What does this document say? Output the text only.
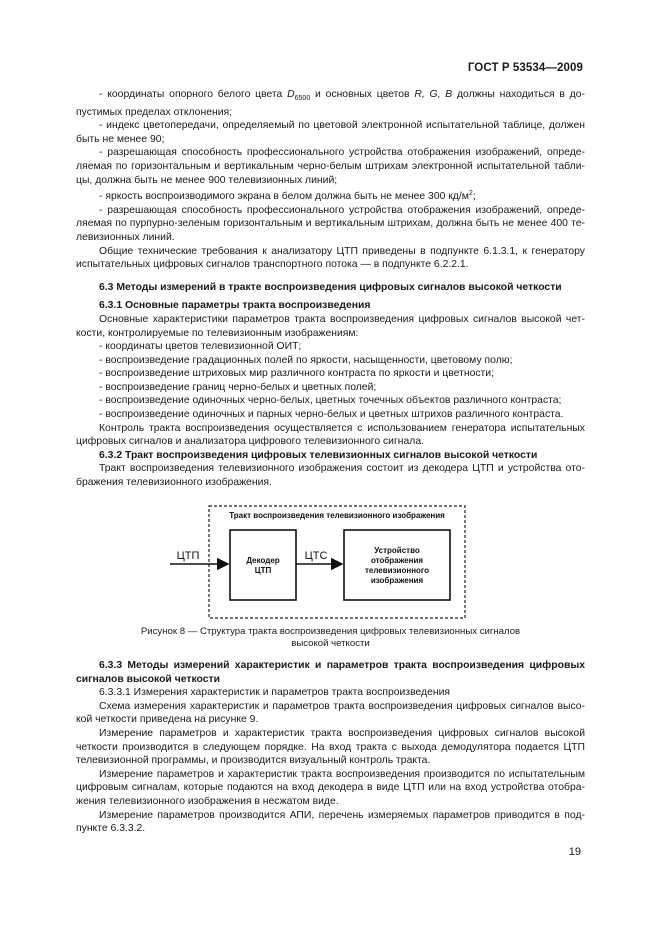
ГОСТ Р 53534—2009

- координаты опорного белого цвета $D_{6500}$ и основных цветов R, G, B должны находиться в до-пустимых пределах отклонения;

- индекс цветопередачи, определяемый по цветовой электронной испытательной таблице, должен быть не менее 90;

- разрешающая способность профессионального устройства отображения изображений, опреде-ляемая по горизонтальным и вертикальным черно-белым штрихам электронной испытательной табли-цы, должна быть не менее 900 телевизионных линий;

- яркость воспроизводимого экрана в белом должна быть не менее 300 $кд/м^2$;

- разрешающая способность профессионального устройства отображения изображений, опреде-ляемая по пурпурно-зеленым горизонтальным и вертикальным штрихам, должна быть не менее 400 те-левизионных линий.

Общие технические требования к анализатору ЦТП приведены в подпункте 6.1.3.1, к генератору испытательных цифровых сигналов транспортного потока — в подпункте 6.2.2.1.

6.3 Методы измерений в тракте воспроизведения цифровых сигналов высокой четкости

6.3.1 Основные параметры тракта воспроизведения

Основные характеристики параметров тракта воспроизведения цифровых сигналов высокой чет-кости, контролируемые по телевизионным изображениям:

- координаты цветов телевизионной ОИТ;

- воспроизведение градационных полей по яркости, насыщенности, цветовому полю;

- воспроизведение штриховых мир различного контраста по яркости и цветности;

- воспроизведение границ черно-белых и цветных полей;

- воспроизведение одиночных черно-белых, цветных точечных объектов различного контраста;

- воспроизведение одиночных и парных черно-белых и цветных штрихов различного контраста.

Контроль тракта воспроизведения осуществляется с использованием генератора испытательных цифровых сигналов и анализатора цифрового телевизионного сигнала.

6.3.2 Тракт воспроизведения цифровых телевизионных сигналов высокой четкости

Тракт воспроизведения телевизионного изображения состоит из декодера ЦТП и устройства ото-бражения телевизионного изображения.

Тракт воспроизведения телевизионного изображения
ЦТП	Декодер
ЦТП
ЦТС	Устройство
отображения
телевизионного
изображения

Рисунок 8 — Структура тракта воспроизведения цифровых телевизионных сигналов

высокой четкости

6.3.3 Методы измерений характеристик и параметров тракта воспроизведения цифровых сигналов высокой четкости

6.3.3.1 Измерения характеристик и параметров тракта воспроизведения

Схема измерения характеристик и параметров тракта воспроизведения цифровых сигналов высо-кой четкости приведена на рисунке 9.

Измерение параметров и характеристик тракта воспроизведения цифровых сигналов высокой четкости производится в следующем порядке. На вход тракта с выхода демодулятора подается ЦТП телевизионной программы, и производится визуальный контроль тракта.

Измерение параметров и характеристик тракта воспроизведения производится по испытательным цифровым сигналам, которые подаются на вход декодера в виде ЦТП или на вход устройства отобра-жения телевизионного изображения в несжатом виде.

Измерение параметров производится АПИ, перечень измеряемых параметров приводится в под-пункте 6.3.3.2.

19
